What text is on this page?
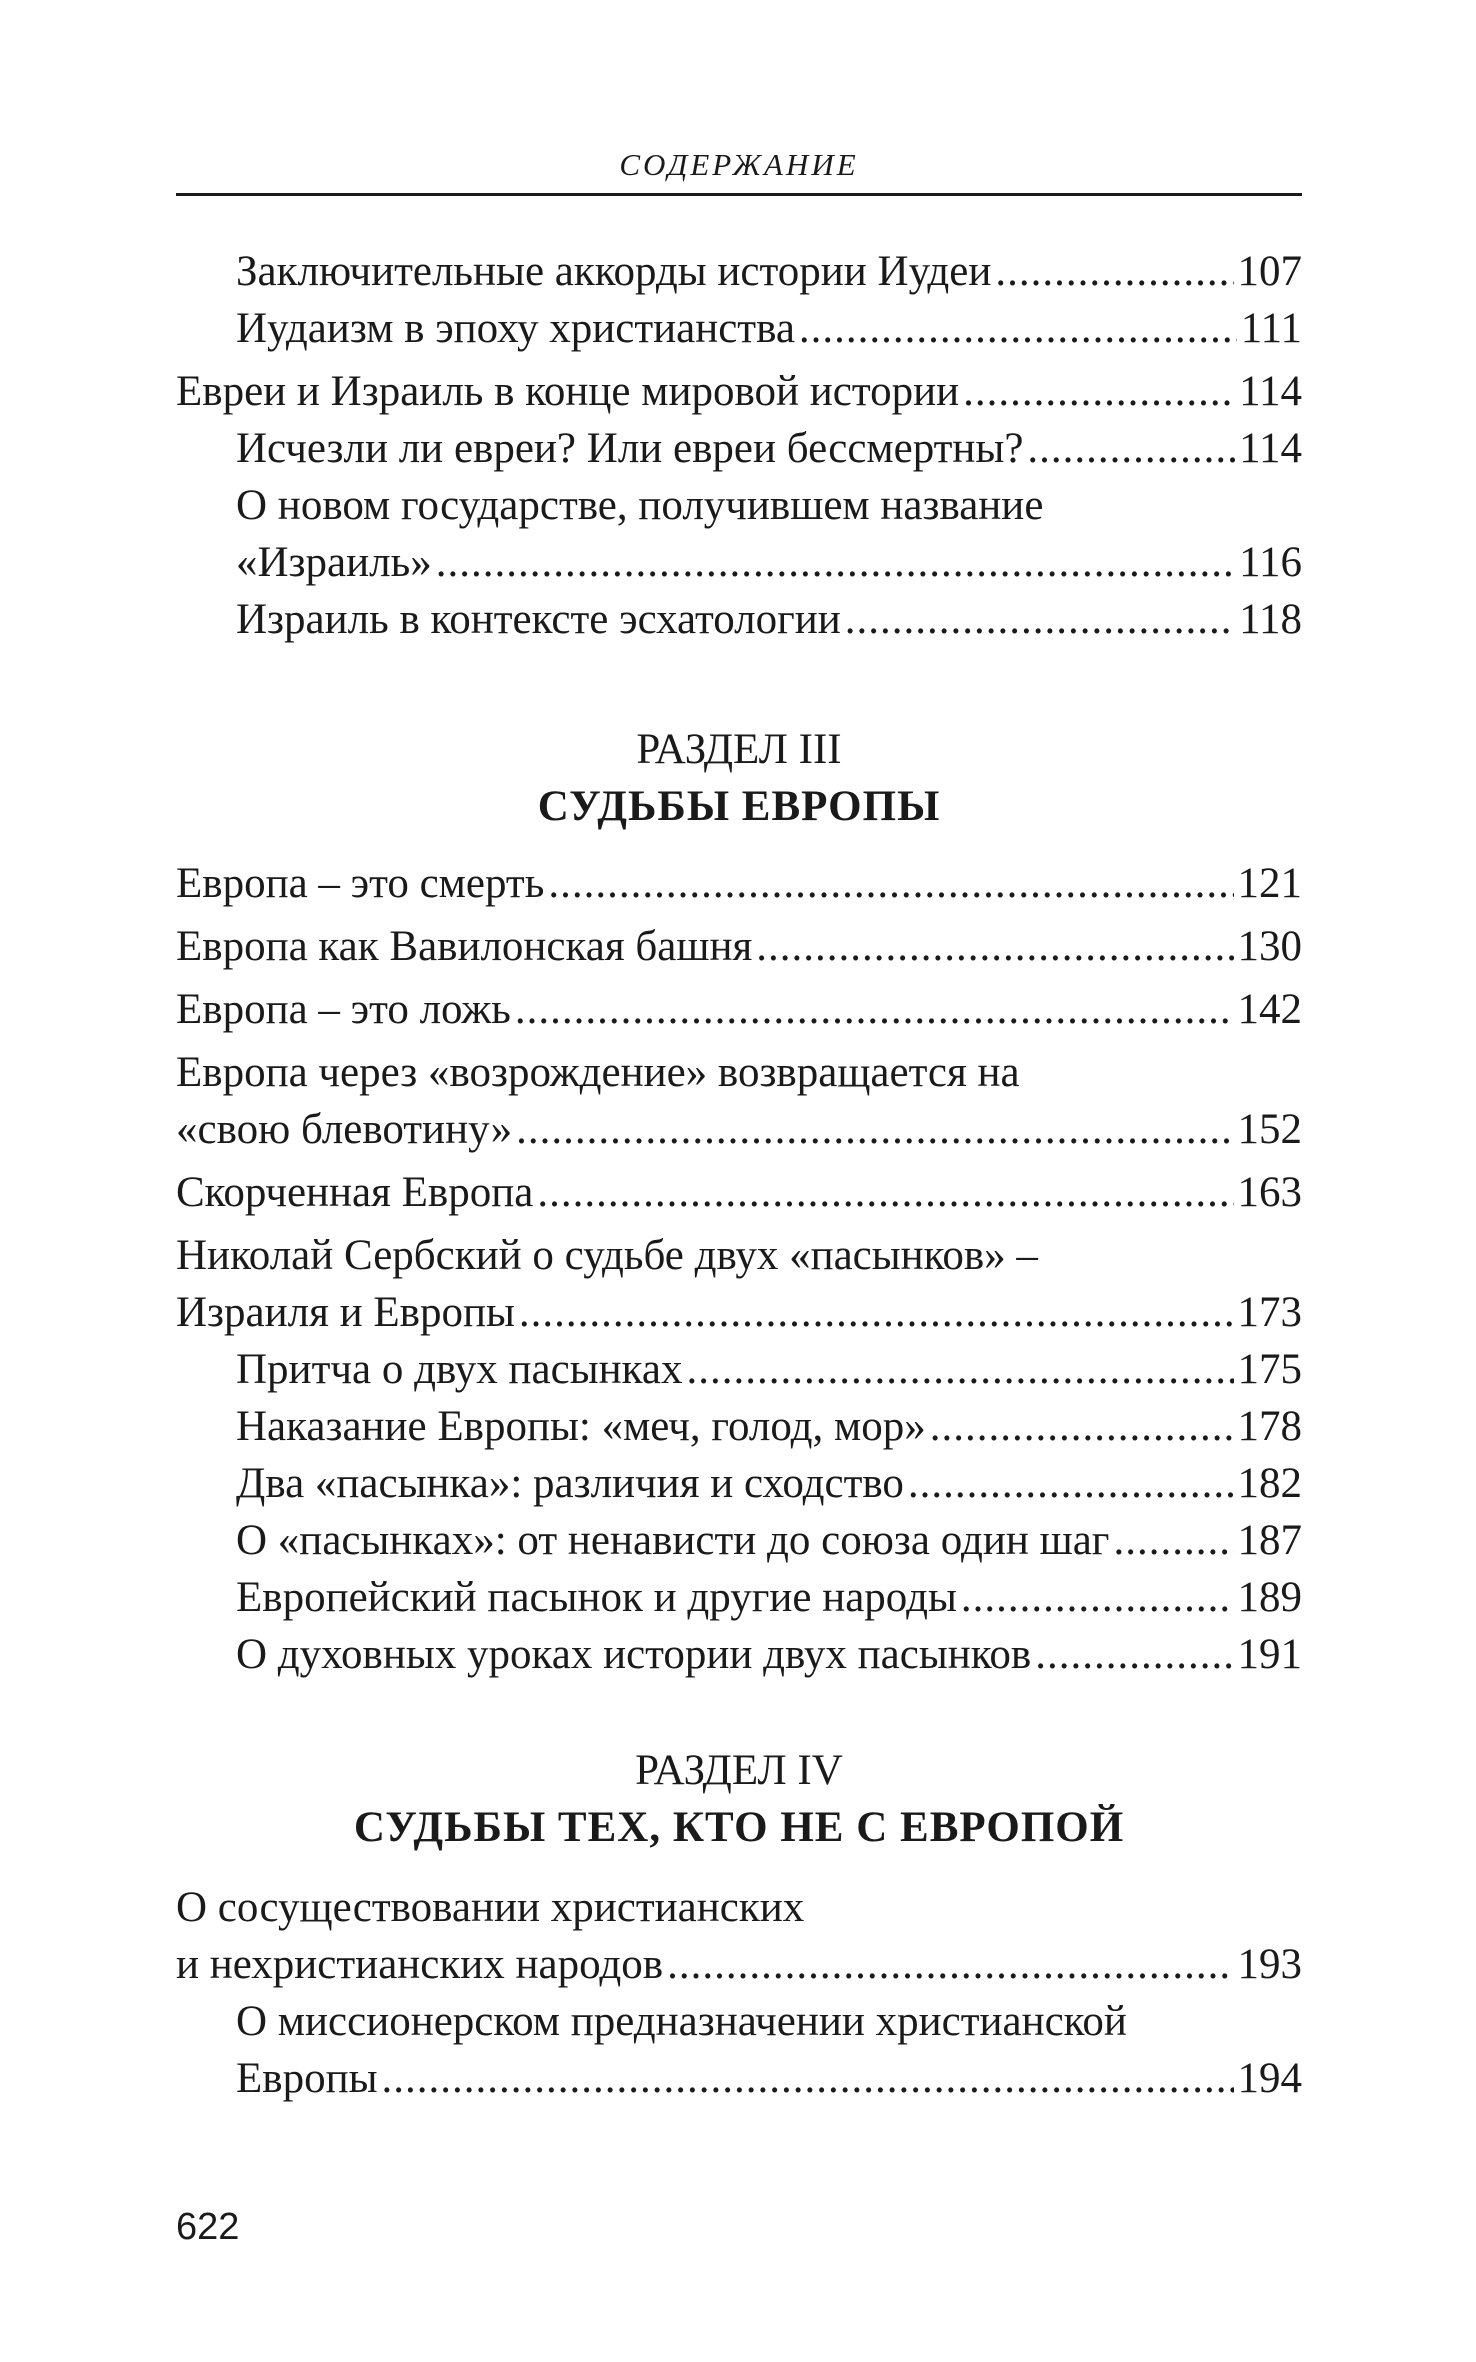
СОДЕРЖАНИЕ
Заключительные аккорды истории Иудеи .....	107
Иудаизм в эпоху христианства .....	111
Евреи и Израиль в конце мировой истории .....	114
Исчезли ли евреи? Или евреи бессмертны? .....	114
О новом государстве, получившем название
«Израиль» .....	116
Израиль в контексте эсхатологии .....	118
РАЗДЕЛ III
СУДЬБЫ ЕВРОПЫ
Европа – это смерть .....	121
Европа как Вавилонская башня .....	130
Европа – это ложь .....	142
Европа через «возрождение» возвращается на
«свою блевотину» .....	152
Скорченная Европа .....	163
Николай Сербский о судьбе двух «пасынков» –
Израиля и Европы .....	173
Притча о двух пасынках .....	175
Наказание Европы: «меч, голод, мор» .....	178
Два «пасынка»: различия и сходство .....	182
О «пасынках»: от ненависти до союза один шаг .....	187
Европейский пасынок и другие народы .....	189
О духовных уроках истории двух пасынков .....	191
РАЗДЕЛ IV
СУДЬБЫ ТЕХ, КТО НЕ С ЕВРОПОЙ
О сосуществовании христианских
и нехристианских народов .....	193
О миссионерском предназначении христианской
Европы .....	194
622
